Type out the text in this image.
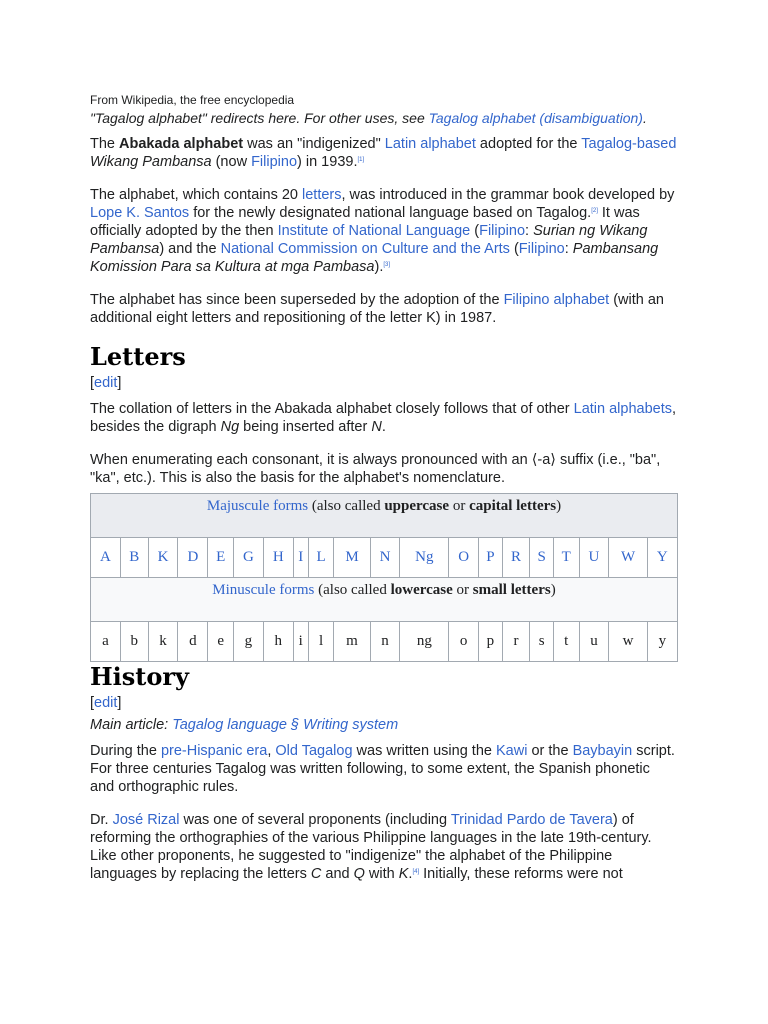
From Wikipedia, the free encyclopedia
"Tagalog alphabet" redirects here. For other uses, see Tagalog alphabet (disambiguation).

The Abakada alphabet was an "indigenized" Latin alphabet adopted for the Tagalog-based Wikang Pambansa (now Filipino) in 1939.[1]

The alphabet, which contains 20 letters, was introduced in the grammar book developed by Lope K. Santos for the newly designated national language based on Tagalog.[2] It was officially adopted by the then Institute of National Language (Filipino: Surian ng Wikang Pambansa) and the National Commission on Culture and the Arts (Filipino: Pambansang Komission Para sa Kultura at mga Pambasa).[3]

The alphabet has since been superseded by the adoption of the Filipino alphabet (with an additional eight letters and repositioning of the letter K) in 1987.

Letters
[edit]

The collation of letters in the Abakada alphabet closely follows that of other Latin alphabets, besides the digraph Ng being inserted after N.

When enumerating each consonant, it is always pronounced with an ⟨-a⟩ suffix (i.e., "ba", "ka", etc.). This is also the basis for the alphabet's nomenclature.

Majuscule forms (also called uppercase or capital letters)																			
A	B	K	D	E	G	H	I	L	M	N	Ng	O	P	R	S	T	U	W	Y
Minuscule forms (also called lowercase or small letters)																			
a	b	k	d	e	g	h	i	l	m	n	ng	o	p	r	s	t	u	w	y
History
[edit]
Main article: Tagalog language § Writing system

During the pre-Hispanic era, Old Tagalog was written using the Kawi or the Baybayin script. For three centuries Tagalog was written following, to some extent, the Spanish phonetic and orthographic rules.

Dr. José Rizal was one of several proponents (including Trinidad Pardo de Tavera) of reforming the orthographies of the various Philippine languages in the late 19th-century. Like other proponents, he suggested to "indigenize" the alphabet of the Philippine languages by replacing the letters C and Q with K.[4] Initially, these reforms were not
